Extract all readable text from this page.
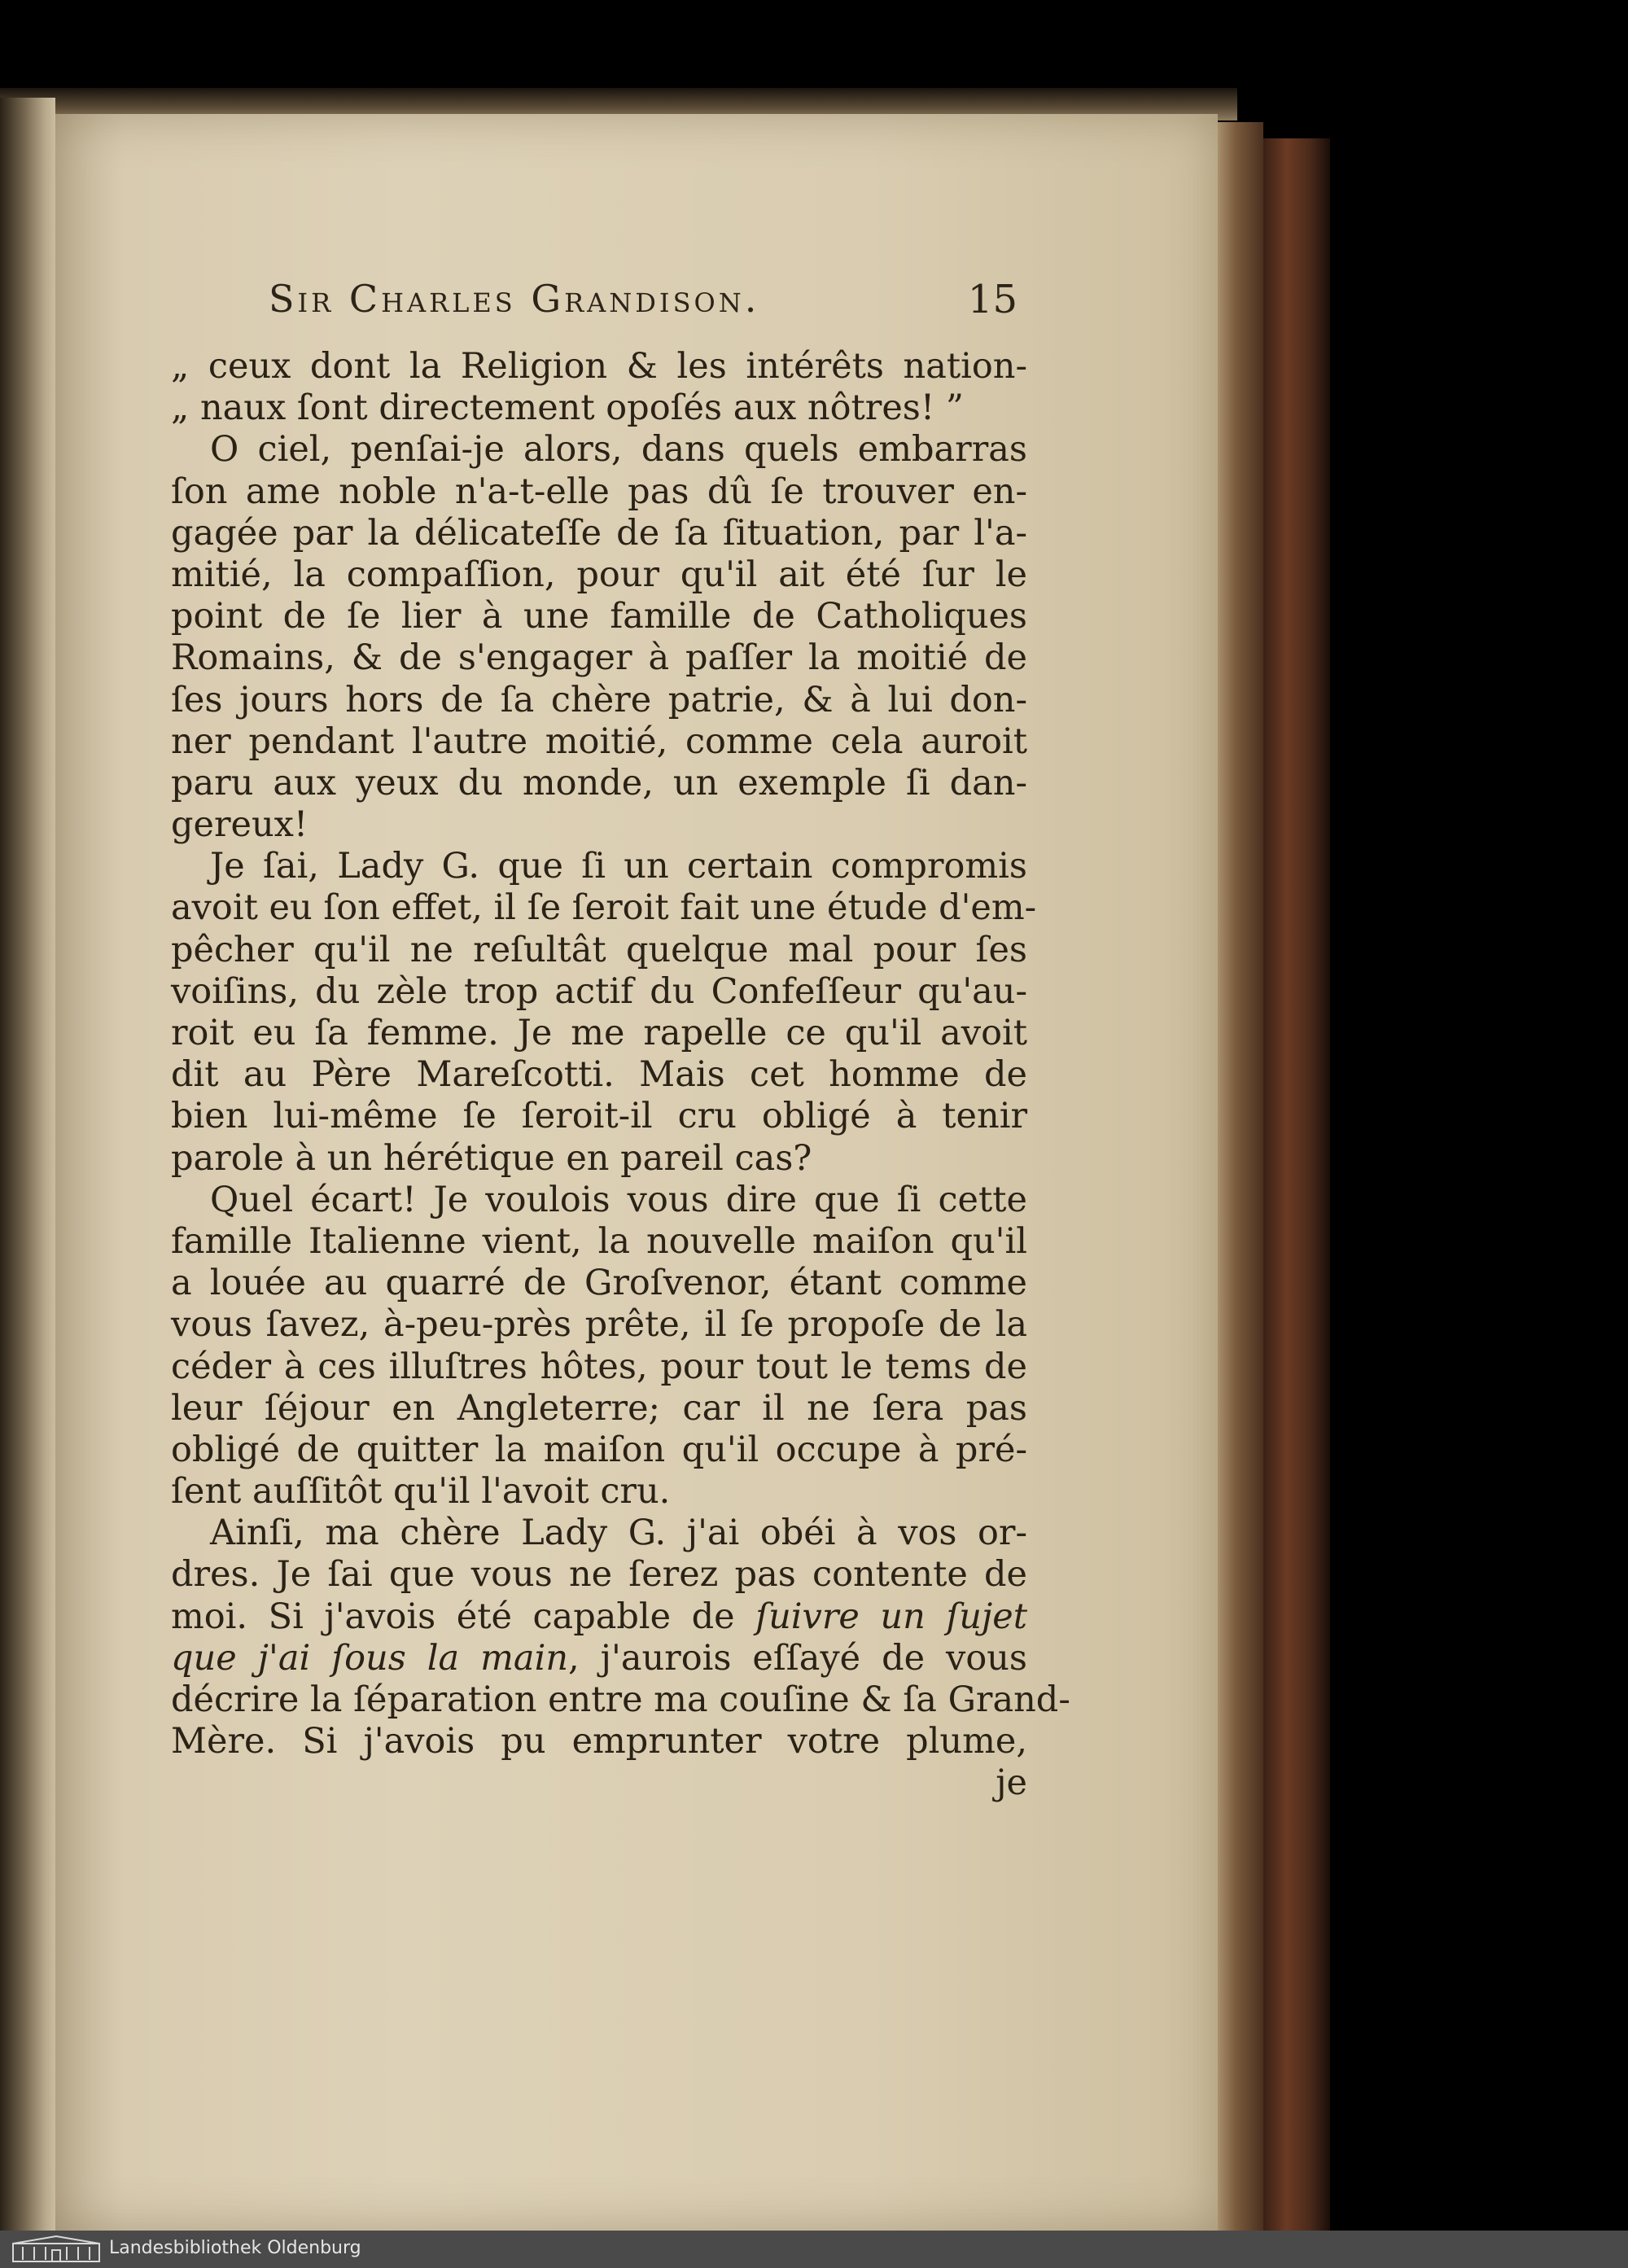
Sir Charles Grandison.	15
„ ceux dont la Religion & les intérêts nation-
„ naux ſont directement opoſés aux nôtres! ”
O ciel, penſai-je alors, dans quels embarras
ſon ame noble n'a-t-elle pas dû ſe trouver en-
gagée par la délicateſſe de ſa ſituation, par l'a-
mitié, la compaſſion, pour qu'il ait été ſur le
point de ſe lier à une famille de Catholiques
Romains, & de s'engager à paſſer la moitié de
ſes jours hors de ſa chère patrie, & à lui don-
ner pendant l'autre moitié, comme cela auroit
paru aux yeux du monde, un exemple ſi dan-
gereux!
Je ſai, Lady G. que ſi un certain compromis
avoit eu ſon effet, il ſe ſeroit fait une étude d'em-
pêcher qu'il ne reſultât quelque mal pour ſes
voiſins, du zèle trop actif du Confeſſeur qu'au-
roit eu ſa femme. Je me rapelle ce qu'il avoit
dit au Père Mareſcotti. Mais cet homme de
bien lui-même ſe ſeroit-il cru obligé à tenir
parole à un hérétique en pareil cas?
Quel écart! Je voulois vous dire que ſi cette
famille Italienne vient, la nouvelle maiſon qu'il
a louée au quarré de Groſvenor, étant comme
vous ſavez, à-peu-près prête, il ſe propoſe de la
céder à ces illuſtres hôtes, pour tout le tems de
leur ſéjour en Angleterre; car il ne ſera pas
obligé de quitter la maiſon qu'il occupe à pré-
ſent auſſitôt qu'il l'avoit cru.
Ainſi, ma chère Lady G. j'ai obéi à vos or-
dres. Je ſai que vous ne ſerez pas contente de
moi. Si j'avois été capable de ſuivre un ſujet
que j'ai ſous la main, j'aurois eſſayé de vous
décrire la ſéparation entre ma couſine & ſa Grand-
Mère. Si j'avois pu emprunter votre plume,
je
Landesbibliothek Oldenburg
